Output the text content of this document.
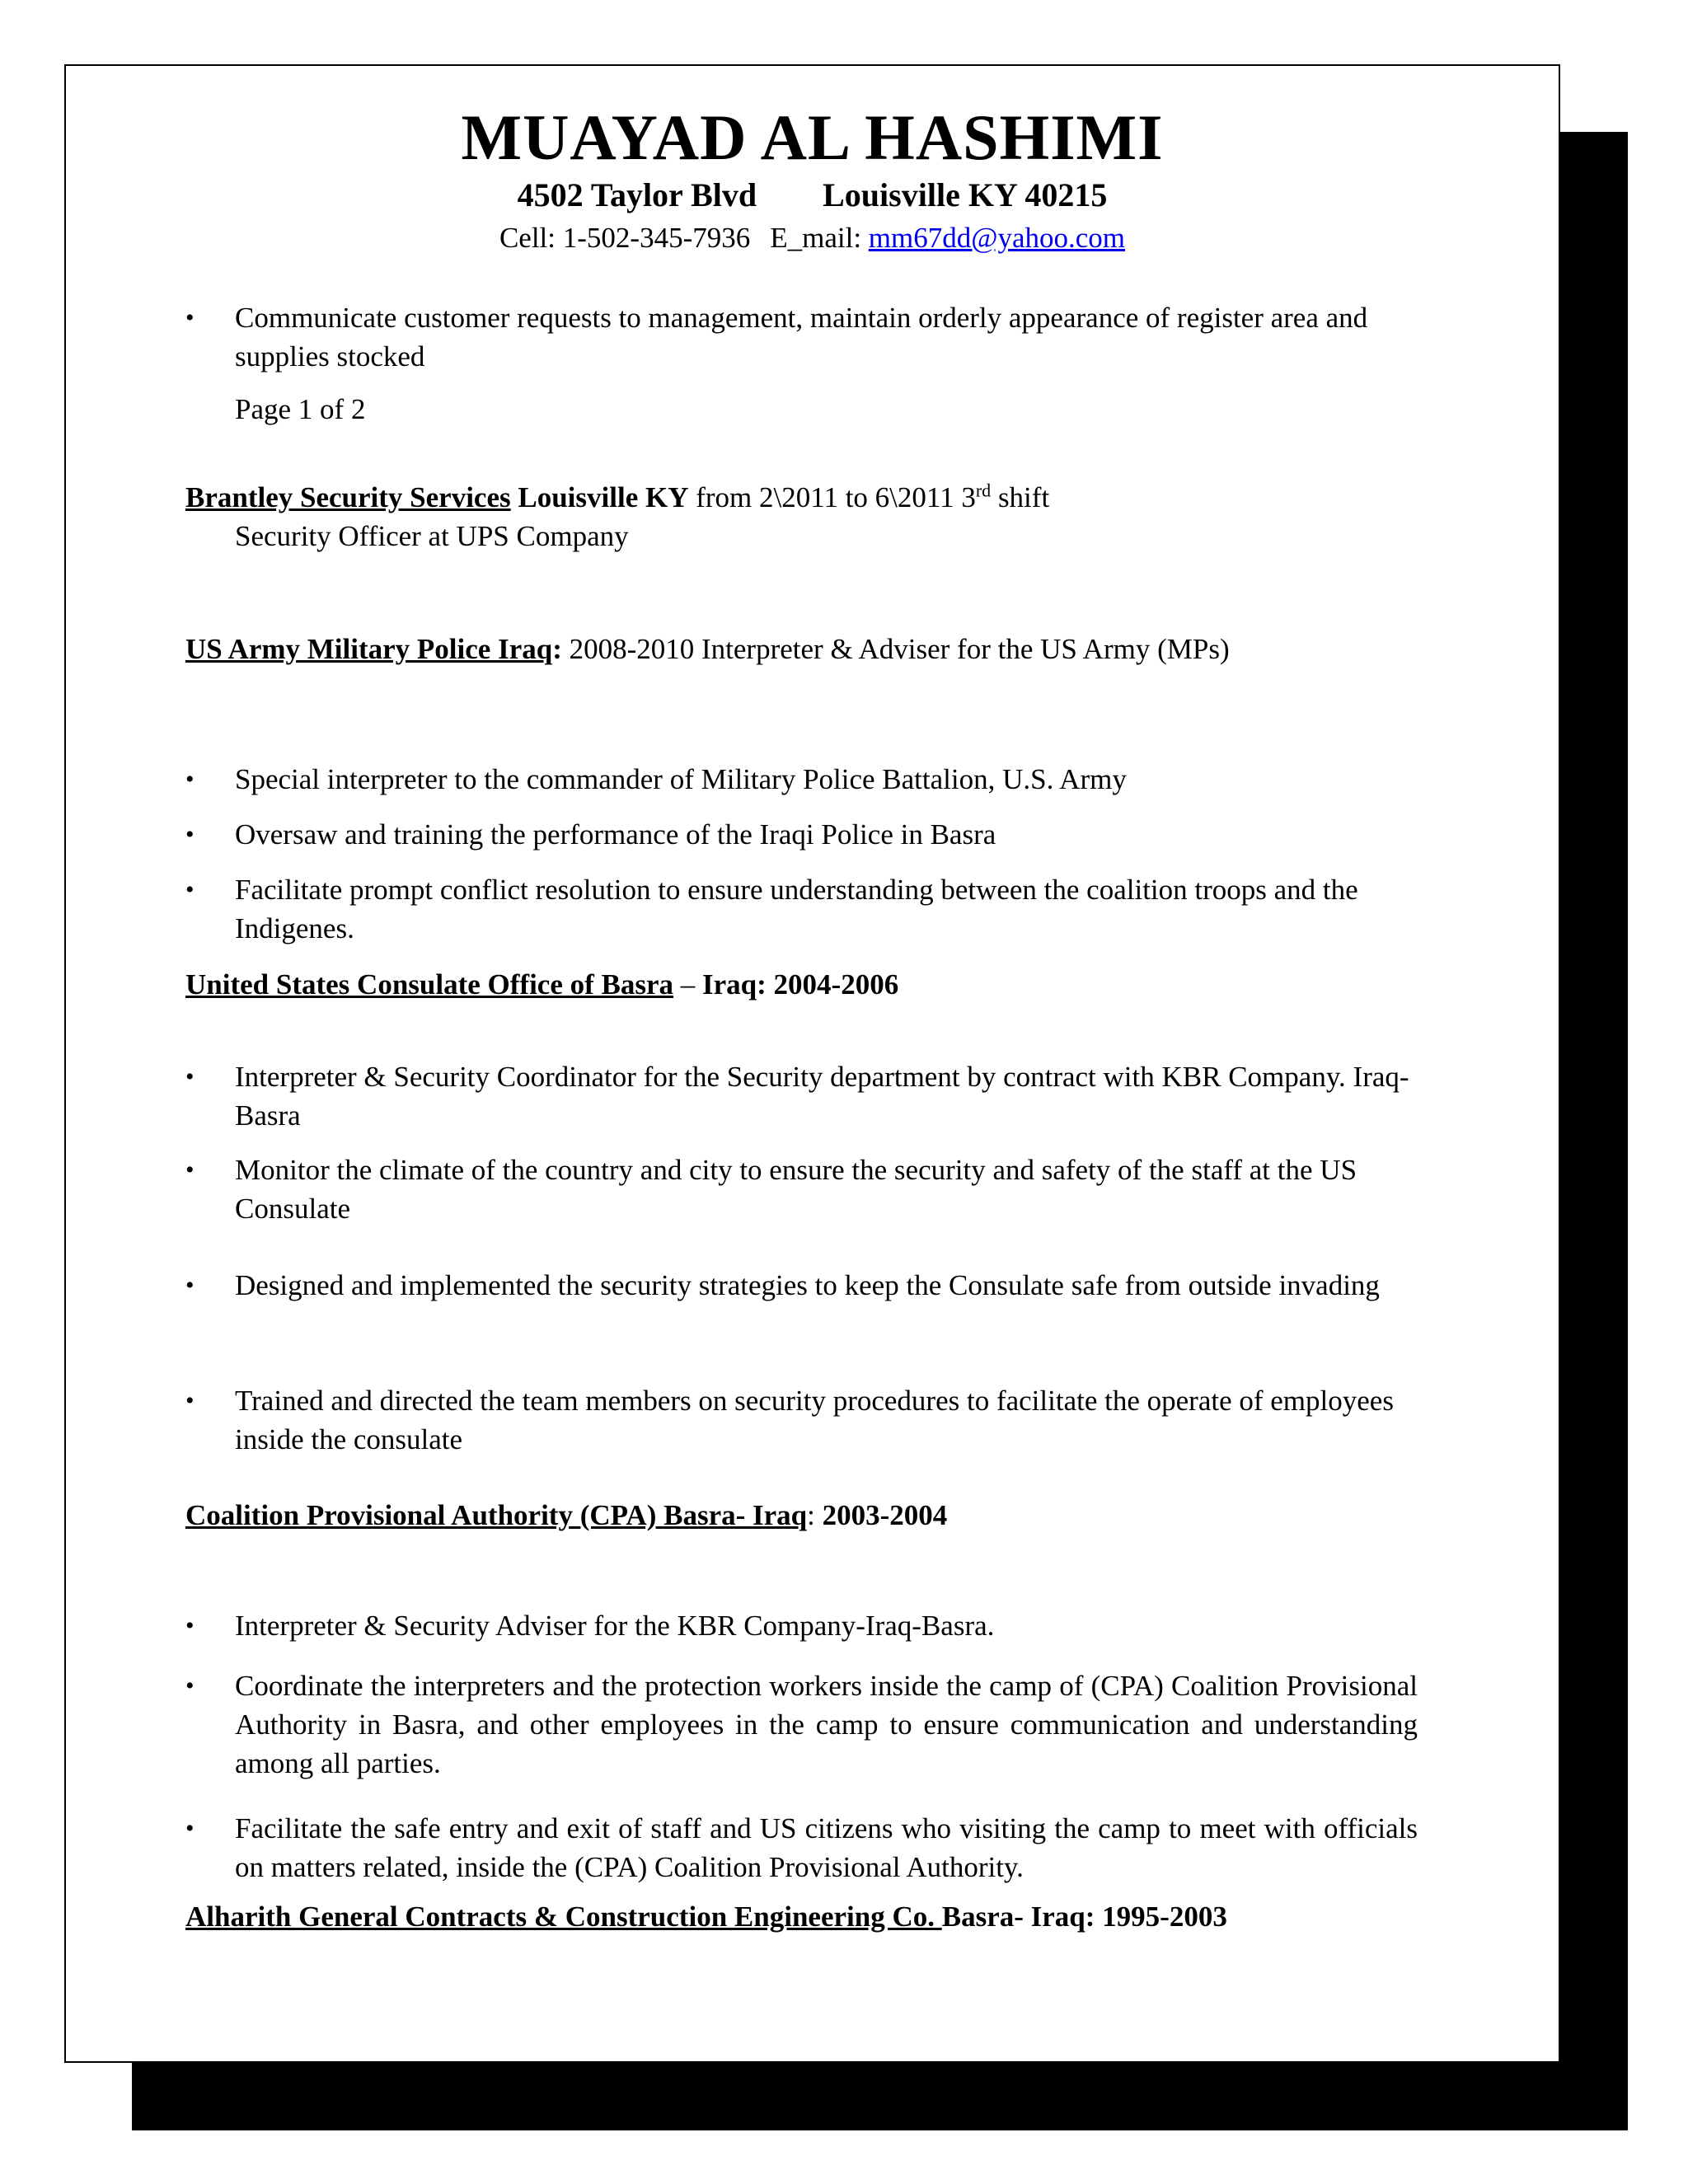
MUAYAD AL HASHIMI
4502 Taylor Blvd Louisville KY 40215
Cell: 1-502-345-7936 E_mail: mm67dd@yahoo.com
• Communicate customer requests to management, maintain orderly appearance of register area and supplies stocked
Page 1 of 2
Brantley Security Services Louisville KY from 2\2011 to 6\2011 3rd shift
Security Officer at UPS Company
US Army Military Police Iraq: 2008-2010 Interpreter & Adviser for the US Army (MPs)
• Special interpreter to the commander of Military Police Battalion, U.S. Army
• Oversaw and training the performance of the Iraqi Police in Basra
• Facilitate prompt conflict resolution to ensure understanding between the coalition troops and the Indigenes.
United States Consulate Office of Basra – Iraq: 2004-2006
• Interpreter & Security Coordinator for the Security department by contract with KBR Company. Iraq-Basra
• Monitor the climate of the country and city to ensure the security and safety of the staff at the US Consulate
• Designed and implemented the security strategies to keep the Consulate safe from outside invading
• Trained and directed the team members on security procedures to facilitate the operate of employees inside the consulate
Coalition Provisional Authority (CPA) Basra- Iraq: 2003-2004
• Interpreter & Security Adviser for the KBR Company-Iraq-Basra.
• Coordinate the interpreters and the protection workers inside the camp of (CPA) Coalition Provisional Authority in Basra, and other employees in the camp to ensure communication and understanding among all parties.
• Facilitate the safe entry and exit of staff and US citizens who visiting the camp to meet with officials on matters related, inside the (CPA) Coalition Provisional Authority.
Alharith General Contracts & Construction Engineering Co. Basra- Iraq: 1995-2003
